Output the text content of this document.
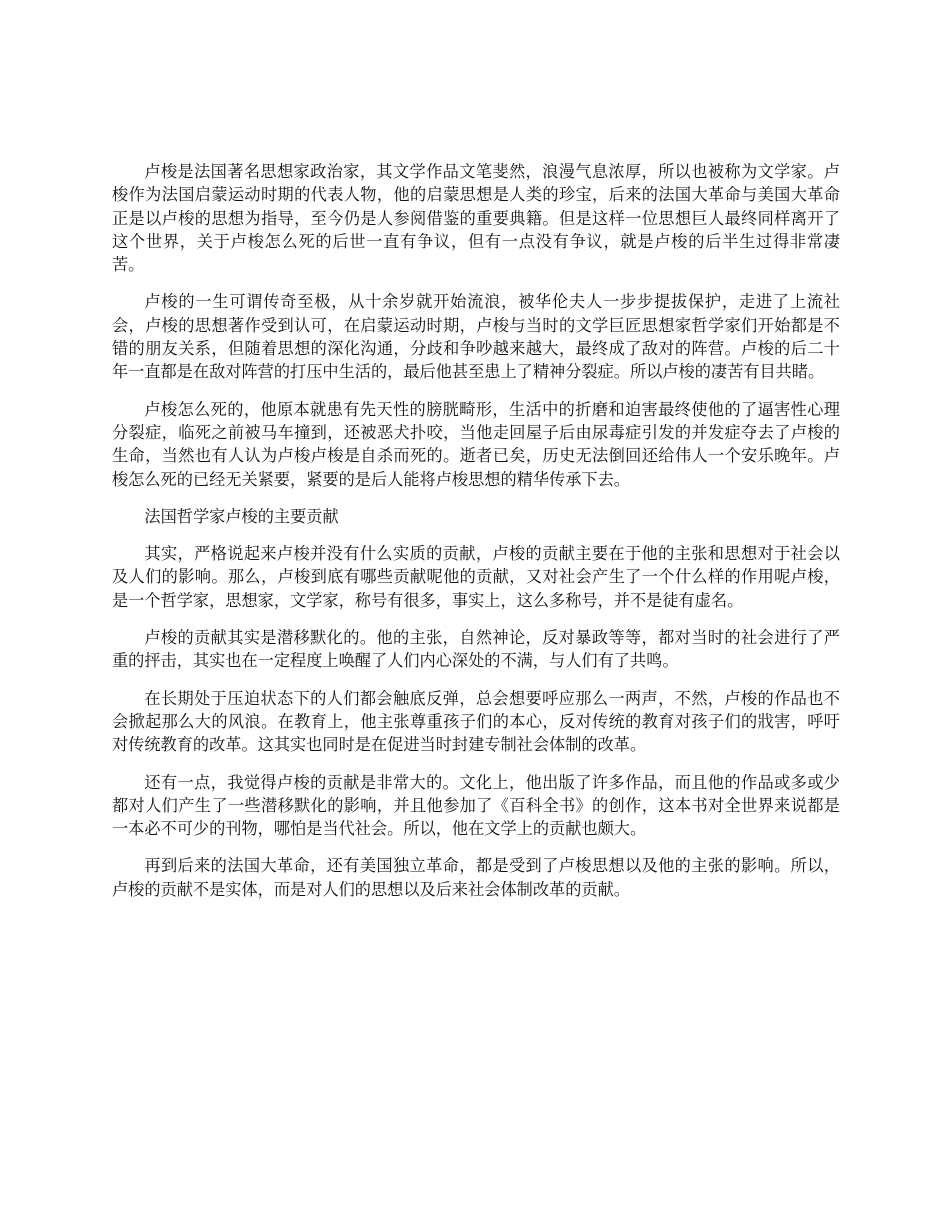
卢梭是法国著名思想家政治家，其文学作品文笔斐然，浪漫气息浓厚，所以也被称为文学家。卢梭作为法国启蒙运动时期的代表人物，他的启蒙思想是人类的珍宝，后来的法国大革命与美国大革命正是以卢梭的思想为指导，至今仍是人参阅借鉴的重要典籍。但是这样一位思想巨人最终同样离开了这个世界，关于卢梭怎么死的后世一直有争议，但有一点没有争议，就是卢梭的后半生过得非常凄苦。

卢梭的一生可谓传奇至极，从十余岁就开始流浪，被华伦夫人一步步提拔保护，走进了上流社会，卢梭的思想著作受到认可，在启蒙运动时期，卢梭与当时的文学巨匠思想家哲学家们开始都是不错的朋友关系，但随着思想的深化沟通，分歧和争吵越来越大，最终成了敌对的阵营。卢梭的后二十年一直都是在敌对阵营的打压中生活的，最后他甚至患上了精神分裂症。所以卢梭的凄苦有目共睹。

卢梭怎么死的，他原本就患有先天性的膀胱畸形，生活中的折磨和迫害最终使他的了逼害性心理分裂症，临死之前被马车撞到，还被恶犬扑咬，当他走回屋子后由尿毒症引发的并发症夺去了卢梭的生命，当然也有人认为卢梭卢梭是自杀而死的。逝者已矣，历史无法倒回还给伟人一个安乐晚年。卢梭怎么死的已经无关紧要，紧要的是后人能将卢梭思想的精华传承下去。

法国哲学家卢梭的主要贡献

其实，严格说起来卢梭并没有什么实质的贡献，卢梭的贡献主要在于他的主张和思想对于社会以及人们的影响。那么，卢梭到底有哪些贡献呢他的贡献，又对社会产生了一个什么样的作用呢卢梭，是一个哲学家，思想家，文学家，称号有很多，事实上，这么多称号，并不是徒有虚名。

卢梭的贡献其实是潜移默化的。他的主张，自然神论，反对暴政等等，都对当时的社会进行了严重的抨击，其实也在一定程度上唤醒了人们内心深处的不满，与人们有了共鸣。

在长期处于压迫状态下的人们都会触底反弹，总会想要呼应那么一两声，不然，卢梭的作品也不会掀起那么大的风浪。在教育上，他主张尊重孩子们的本心，反对传统的教育对孩子们的戕害，呼吁对传统教育的改革。这其实也同时是在促进当时封建专制社会体制的改革。

还有一点，我觉得卢梭的贡献是非常大的。文化上，他出版了许多作品，而且他的作品或多或少都对人们产生了一些潜移默化的影响，并且他参加了《百科全书》的创作，这本书对全世界来说都是一本必不可少的刊物，哪怕是当代社会。所以，他在文学上的贡献也颇大。

再到后来的法国大革命，还有美国独立革命，都是受到了卢梭思想以及他的主张的影响。所以，卢梭的贡献不是实体，而是对人们的思想以及后来社会体制改革的贡献。
